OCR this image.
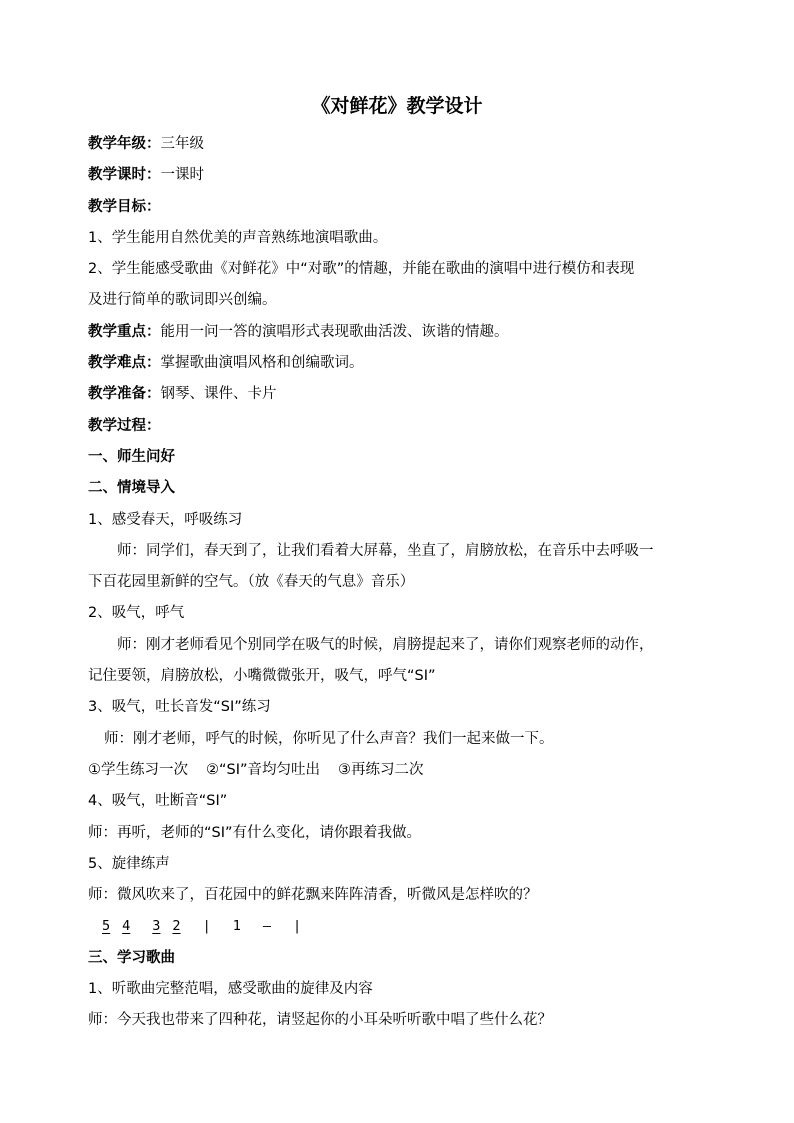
《对鲜花》教学设计
教学年级：三年级
教学课时：一课时
教学目标：
1、学生能用自然优美的声音熟练地演唱歌曲。
2、学生能感受歌曲《对鲜花》中“对歌”的情趣，并能在歌曲的演唱中进行模仿和表现
及进行简单的歌词即兴创编。
教学重点：能用一问一答的演唱形式表现歌曲活泼、诙谐的情趣。
教学难点：掌握歌曲演唱风格和创编歌词。
教学准备：钢琴、课件、卡片
教学过程：
一、师生问好
二、情境导入
1、感受春天，呼吸练习
师：同学们，春天到了，让我们看着大屏幕，坐直了，肩膀放松，在音乐中去呼吸一
下百花园里新鲜的空气。（放《春天的气息》音乐）
2、吸气，呼气
师：刚才老师看见个别同学在吸气的时候，肩膀提起来了，请你们观察老师的动作，
记住要领，肩膀放松，小嘴微微张开，吸气，呼气“SI”
3、吸气，吐长音发“SI”练习
师：刚才老师，呼气的时候，你听见了什么声音？我们一起来做一下。
①学生练习一次 ②“SI”音均匀吐出 ③再练习二次
4、吸气，吐断音“SI”
师：再听，老师的“SI”有什么变化，请你跟着我做。
5、旋律练声
师：微风吹来了，百花园中的鲜花飘来阵阵清香，听微风是怎样吹的？
5 4 3 2 | 1 — |
三、学习歌曲
1、听歌曲完整范唱，感受歌曲的旋律及内容
师：今天我也带来了四种花，请竖起你的小耳朵听听歌中唱了些什么花？
